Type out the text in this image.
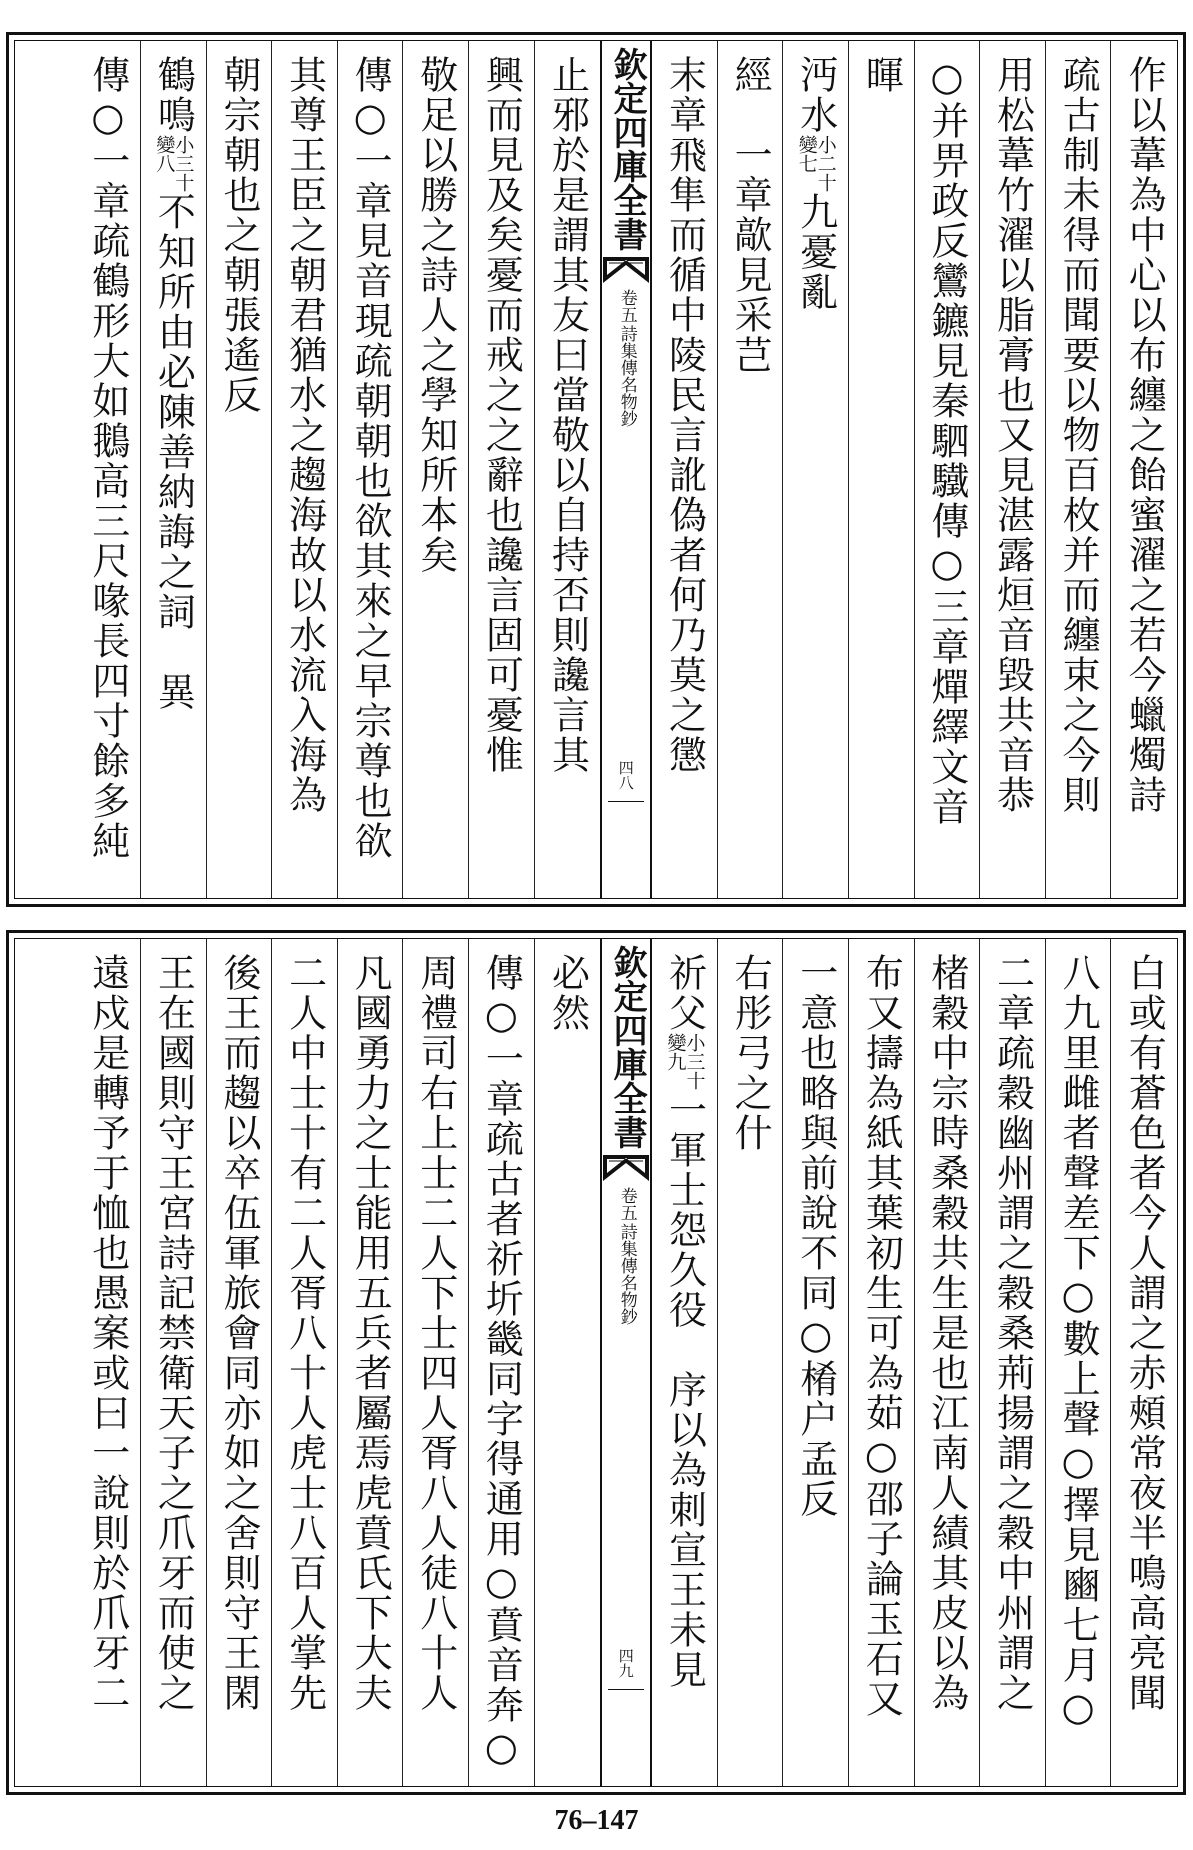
作以葦為中心以布纏之飴蜜濯之若今蠟燭詩
疏古制未得而聞要以物百枚并而纏束之今則
用松葦竹濯以脂膏也又見湛露烜音毀共音恭
○并畀政反鸞鑣見秦駟驖傳○三章燀繹文音
暉
沔水
小二十
變七
九憂亂
經　一章歊見采芑
末章飛隼而循中陵民言訛偽者何乃莫之懲
欽定四庫全書
詩集傳名物鈔
卷五
四八
止邪於是謂其友曰當敬以自持否則讒言其
興而見及矣憂而戒之之辭也讒言固可憂惟
敬足以勝之詩人之學知所本矣
傳○一章見音現疏朝朝也欲其來之早宗尊也欲
其尊王臣之朝君猶水之趨海故以水流入海為
朝宗朝也之朝張遙反
鶴鳴
小三十
變八
不知所由必陳善納誨之詞　異
傳○一章疏鶴形大如鵝高三尺喙長四寸餘多純
白或有蒼色者今人謂之赤頰常夜半鳴高亮聞
八九里雌者聲差下○數上聲○擇見豳七月○
二章疏穀幽州謂之穀桑荊揚謂之穀中州謂之
楮穀中宗時桑穀共生是也江南人績其皮以為
布又擣為紙其葉初生可為茹○邵子論玉石又
一意也略與前說不同○㮁户孟反
右彤弓之什
祈父
小三十
變九
一軍士怨久役　序以為刺宣王未見
欽定四庫全書
詩集傳名物鈔
卷五
四九
必然
傳○一章疏古者祈圻畿同字得通用○賁音奔○
周禮司右上士二人下士四人胥八人徒八十人
凡國勇力之士能用五兵者屬焉虎賁氏下大夫
二人中士十有二人胥八十人虎士八百人掌先
後王而趨以卒伍軍旅會同亦如之舍則守王閑
王在國則守王宮詩記禁衛天子之爪牙而使之
遠戍是轉予于恤也愚案或曰一說則於爪牙二
76–147
